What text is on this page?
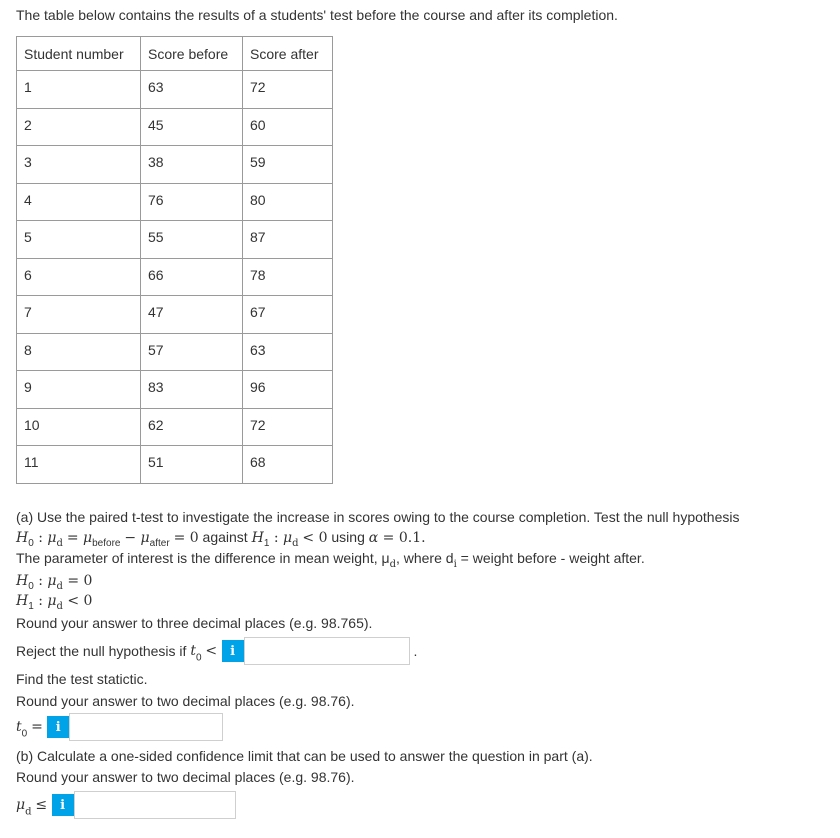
The table below contains the results of a students' test before the course and after its completion.
Student number	Score before	Score after
1	63	72
2	45	60
3	38	59
4	76	80
5	55	87
6	66	78
7	47	67
8	57	63
9	83	96
10	62	72
11	51	68
(a) Use the paired t-test to investigate the increase in scores owing to the course completion. Test the null hypothesis
$H_0$ : $\mu_d = \mu_{before} - \mu_{after} = 0$ against $H_1$ : $\mu_d < 0$ using α = 0.1.
The parameter of interest is the difference in mean weight, $\mu_d$, where $d_i$ = weight before - weight after.
$H_0$ : $\mu_d = 0$
$H_1$ : $\mu_d < 0$
Round your answer to three decimal places (e.g. 98.765).
Reject the null hypothesis if $t_0 < i$	.
Find the test statictic.
Round your answer to two decimal places (e.g. 98.76).
$t_0 = i$
(b) Calculate a one-sided confidence limit that can be used to answer the question in part (a).
Round your answer to two decimal places (e.g. 98.76).
$\mu_d \le i$
